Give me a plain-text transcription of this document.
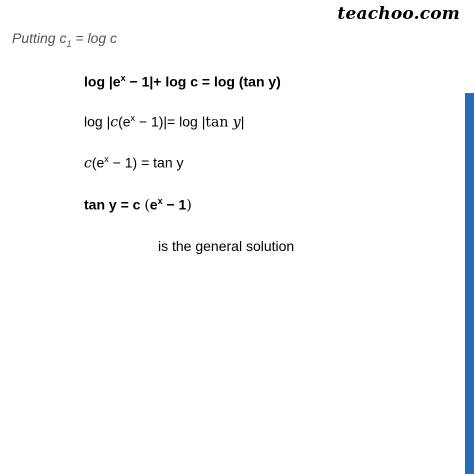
teachoo.com
Putting $c_1 = \log c$
$\log |e^x - 1|+ \log c = \log (\tan$ y)
$\log |c(e^x - 1)|= \log |\tan$ y|
$c(e^x - 1) = \tan y$
tan y = c $(e^x - 1)$
is the general solution
